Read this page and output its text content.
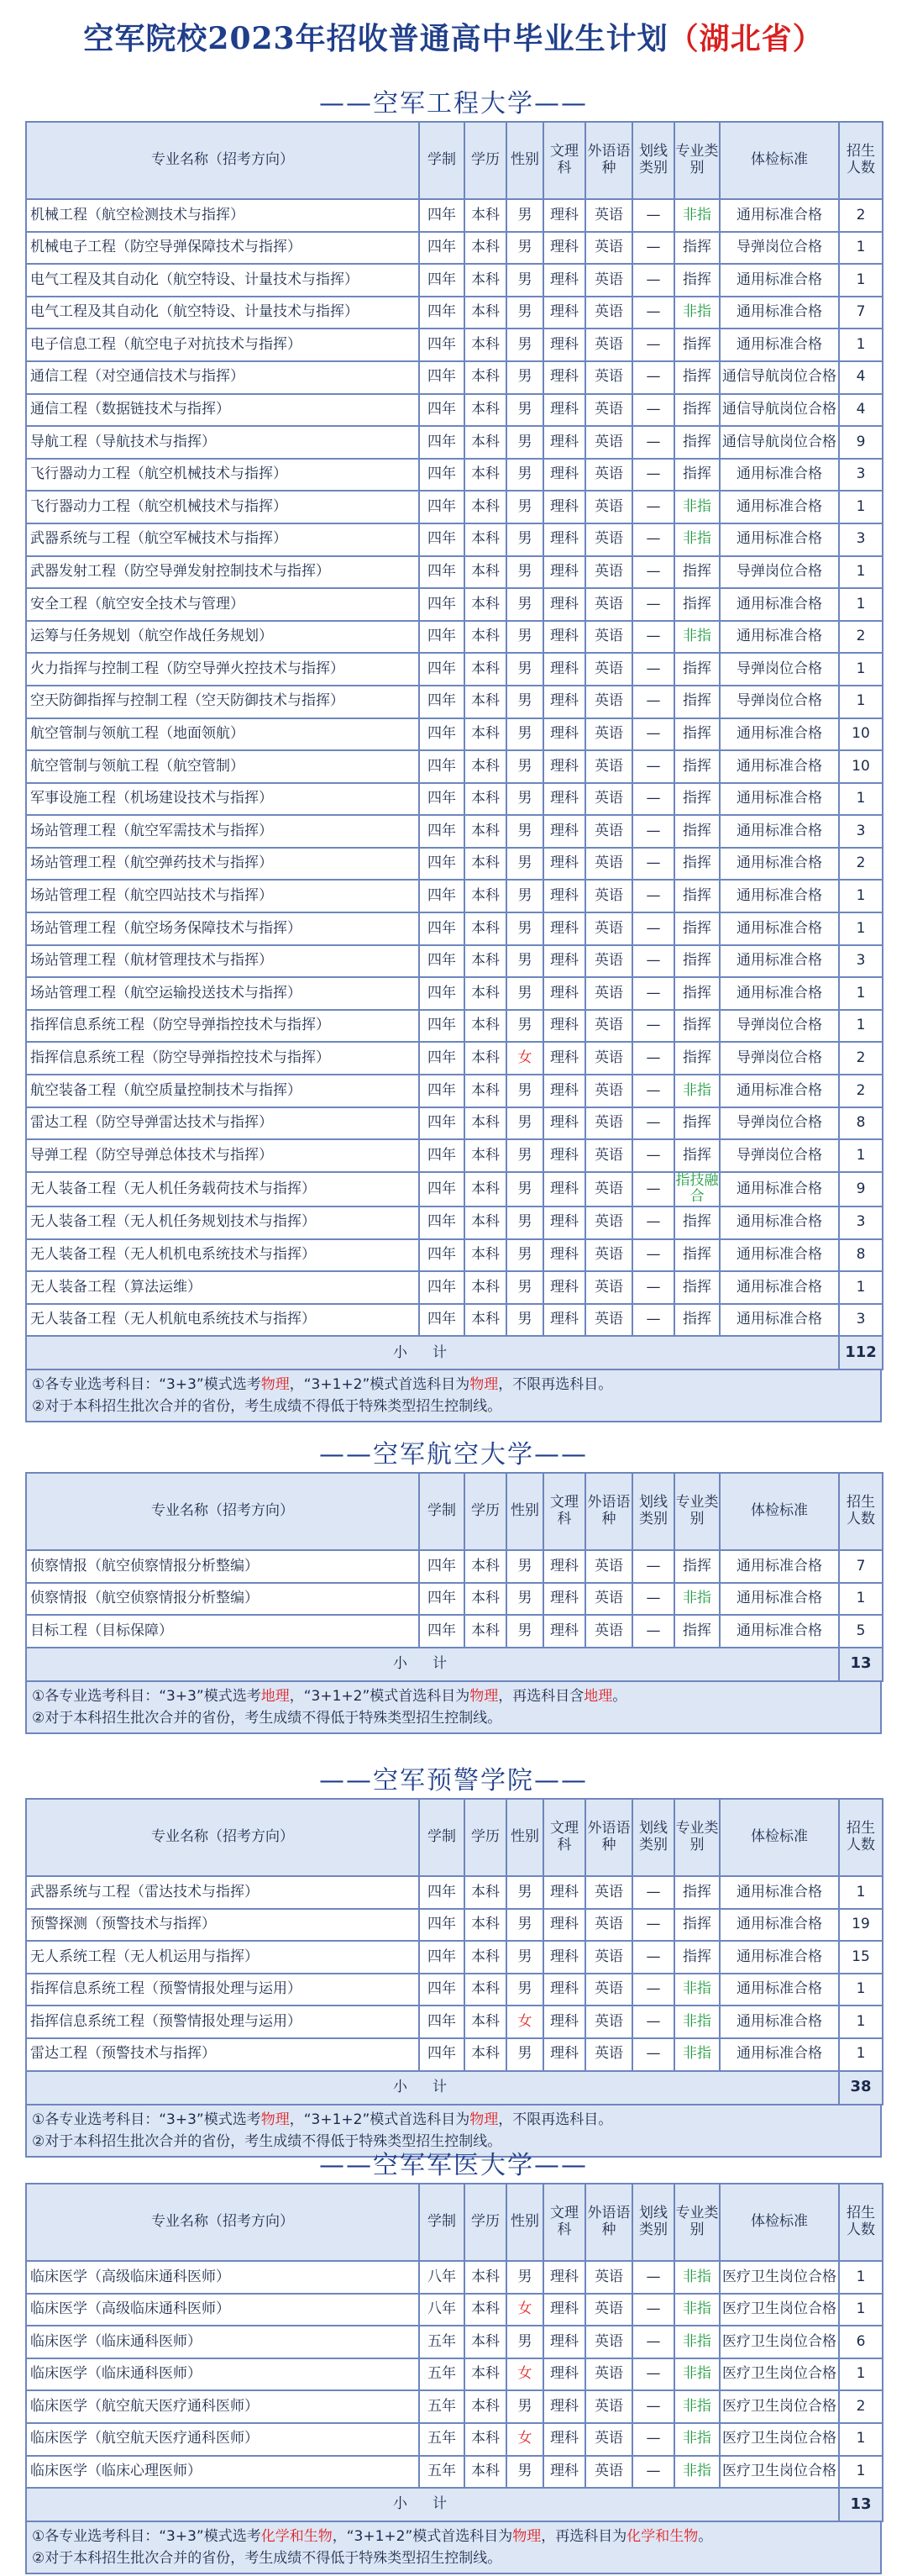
空军院校2023年招收普通高中毕业生计划（湖北省）
——空军工程大学——
专业名称（招考方向）	学制	学历	性别	文理科	外语语种	划线类别	专业类别	体检标准	招生人数
机械工程（航空检测技术与指挥）	四年	本科	男	理科	英语	—	非指	通用标准合格	2
机械电子工程（防空导弹保障技术与指挥）	四年	本科	男	理科	英语	—	指挥	导弹岗位合格	1
电气工程及其自动化（航空特设、计量技术与指挥）	四年	本科	男	理科	英语	—	指挥	通用标准合格	1
电气工程及其自动化（航空特设、计量技术与指挥）	四年	本科	男	理科	英语	—	非指	通用标准合格	7
电子信息工程（航空电子对抗技术与指挥）	四年	本科	男	理科	英语	—	指挥	通用标准合格	1
通信工程（对空通信技术与指挥）	四年	本科	男	理科	英语	—	指挥	通信导航岗位合格	4
通信工程（数据链技术与指挥）	四年	本科	男	理科	英语	—	指挥	通信导航岗位合格	4
导航工程（导航技术与指挥）	四年	本科	男	理科	英语	—	指挥	通信导航岗位合格	9
飞行器动力工程（航空机械技术与指挥）	四年	本科	男	理科	英语	—	指挥	通用标准合格	3
飞行器动力工程（航空机械技术与指挥）	四年	本科	男	理科	英语	—	非指	通用标准合格	1
武器系统与工程（航空军械技术与指挥）	四年	本科	男	理科	英语	—	非指	通用标准合格	3
武器发射工程（防空导弹发射控制技术与指挥）	四年	本科	男	理科	英语	—	指挥	导弹岗位合格	1
安全工程（航空安全技术与管理）	四年	本科	男	理科	英语	—	指挥	通用标准合格	1
运筹与任务规划（航空作战任务规划）	四年	本科	男	理科	英语	—	非指	通用标准合格	2
火力指挥与控制工程（防空导弹火控技术与指挥）	四年	本科	男	理科	英语	—	指挥	导弹岗位合格	1
空天防御指挥与控制工程（空天防御技术与指挥）	四年	本科	男	理科	英语	—	指挥	导弹岗位合格	1
航空管制与领航工程（地面领航）	四年	本科	男	理科	英语	—	指挥	通用标准合格	10
航空管制与领航工程（航空管制）	四年	本科	男	理科	英语	—	指挥	通用标准合格	10
军事设施工程（机场建设技术与指挥）	四年	本科	男	理科	英语	—	指挥	通用标准合格	1
场站管理工程（航空军需技术与指挥）	四年	本科	男	理科	英语	—	指挥	通用标准合格	3
场站管理工程（航空弹药技术与指挥）	四年	本科	男	理科	英语	—	指挥	通用标准合格	2
场站管理工程（航空四站技术与指挥）	四年	本科	男	理科	英语	—	指挥	通用标准合格	1
场站管理工程（航空场务保障技术与指挥）	四年	本科	男	理科	英语	—	指挥	通用标准合格	1
场站管理工程（航材管理技术与指挥）	四年	本科	男	理科	英语	—	指挥	通用标准合格	3
场站管理工程（航空运输投送技术与指挥）	四年	本科	男	理科	英语	—	指挥	通用标准合格	1
指挥信息系统工程（防空导弹指控技术与指挥）	四年	本科	男	理科	英语	—	指挥	导弹岗位合格	1
指挥信息系统工程（防空导弹指控技术与指挥）	四年	本科	女	理科	英语	—	指挥	导弹岗位合格	2
航空装备工程（航空质量控制技术与指挥）	四年	本科	男	理科	英语	—	非指	通用标准合格	2
雷达工程（防空导弹雷达技术与指挥）	四年	本科	男	理科	英语	—	指挥	导弹岗位合格	8
导弹工程（防空导弹总体技术与指挥）	四年	本科	男	理科	英语	—	指挥	导弹岗位合格	1
无人装备工程（无人机任务载荷技术与指挥）	四年	本科	男	理科	英语	—	指技融合	通用标准合格	9
无人装备工程（无人机任务规划技术与指挥）	四年	本科	男	理科	英语	—	指挥	通用标准合格	3
无人装备工程（无人机机电系统技术与指挥）	四年	本科	男	理科	英语	—	指挥	通用标准合格	8
无人装备工程（算法运维）	四年	本科	男	理科	英语	—	指挥	通用标准合格	1
无人装备工程（无人机航电系统技术与指挥）	四年	本科	男	理科	英语	—	指挥	通用标准合格	3
小计									112
①各专业选考科目：“3+3”模式选考物理，“3+1+2”模式首选科目为物理，不限再选科目。
②对于本科招生批次合并的省份，考生成绩不得低于特殊类型招生控制线。
——空军航空大学——
专业名称（招考方向）	学制	学历	性别	文理科	外语语种	划线类别	专业类别	体检标准	招生人数
侦察情报（航空侦察情报分析整编）	四年	本科	男	理科	英语	—	指挥	通用标准合格	7
侦察情报（航空侦察情报分析整编）	四年	本科	男	理科	英语	—	非指	通用标准合格	1
目标工程（目标保障）	四年	本科	男	理科	英语	—	指挥	通用标准合格	5
小计									13
①各专业选考科目：“3+3”模式选考地理，“3+1+2”模式首选科目为物理，再选科目含地理。
②对于本科招生批次合并的省份，考生成绩不得低于特殊类型招生控制线。
——空军预警学院——
专业名称（招考方向）	学制	学历	性别	文理科	外语语种	划线类别	专业类别	体检标准	招生人数
武器系统与工程（雷达技术与指挥）	四年	本科	男	理科	英语	—	指挥	通用标准合格	1
预警探测（预警技术与指挥）	四年	本科	男	理科	英语	—	指挥	通用标准合格	19
无人系统工程（无人机运用与指挥）	四年	本科	男	理科	英语	—	指挥	通用标准合格	15
指挥信息系统工程（预警情报处理与运用）	四年	本科	男	理科	英语	—	非指	通用标准合格	1
指挥信息系统工程（预警情报处理与运用）	四年	本科	女	理科	英语	—	非指	通用标准合格	1
雷达工程（预警技术与指挥）	四年	本科	男	理科	英语	—	非指	通用标准合格	1
小计									38
①各专业选考科目：“3+3”模式选考物理，“3+1+2”模式首选科目为物理，不限再选科目。
②对于本科招生批次合并的省份，考生成绩不得低于特殊类型招生控制线。
——空军军医大学——
专业名称（招考方向）	学制	学历	性别	文理科	外语语种	划线类别	专业类别	体检标准	招生人数
临床医学（高级临床通科医师）	八年	本科	男	理科	英语	—	非指	医疗卫生岗位合格	1
临床医学（高级临床通科医师）	八年	本科	女	理科	英语	—	非指	医疗卫生岗位合格	1
临床医学（临床通科医师）	五年	本科	男	理科	英语	—	非指	医疗卫生岗位合格	6
临床医学（临床通科医师）	五年	本科	女	理科	英语	—	非指	医疗卫生岗位合格	1
临床医学（航空航天医疗通科医师）	五年	本科	男	理科	英语	—	非指	医疗卫生岗位合格	2
临床医学（航空航天医疗通科医师）	五年	本科	女	理科	英语	—	非指	医疗卫生岗位合格	1
临床医学（临床心理医师）	五年	本科	男	理科	英语	—	非指	医疗卫生岗位合格	1
小计									13
①各专业选考科目：“3+3”模式选考化学和生物，“3+1+2”模式首选科目为物理，再选科目为化学和生物。
②对于本科招生批次合并的省份，考生成绩不得低于特殊类型招生控制线。
